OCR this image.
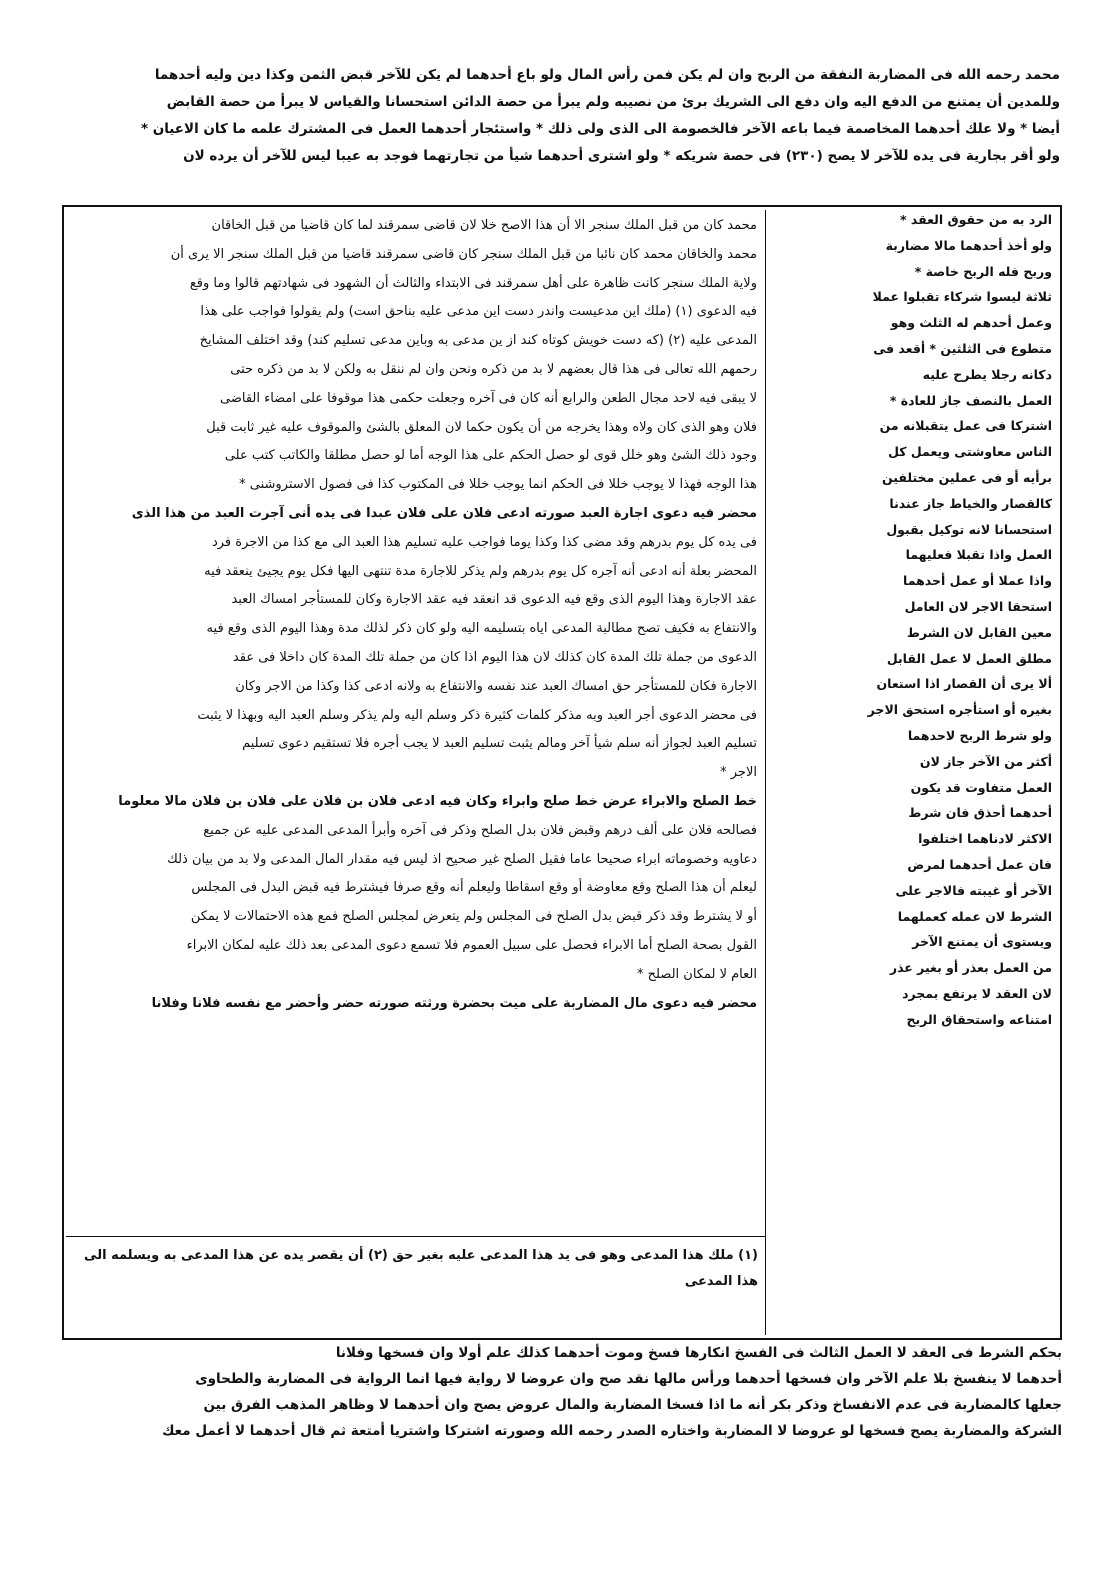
محمد رحمه الله فى المضاربة النفقة من الربح وان لم يكن فمن رأس المال ولو باع أحدهما لم يكن للآخر قبض الثمن وكذا دين وليه أحدهما
وللمدين أن يمتنع من الدفع اليه وان دفع الى الشريك برئ من نصيبه ولم يبرأ من حصة الدائن استحسانا والقياس لا يبرأ من حصة القابض
أيضا * ولا علك أحدهما المخاصمة فيما باعه الآخر فالخصومة الى الذى ولى ذلك * واستئجار أحدهما العمل فى المشترك علمه ما كان الاعيان *
ولو أقر بجارية فى يده للآخر لا يصح (٢٣٠) فى حصة شريكه * ولو اشترى أحدهما شيأ من تجارتهما فوجد به عيبا ليس للآخر أن يرده لان
محمد كان من قبل الملك سنجر الا أن هذا الاصح خلا لان قاضى سمرقند لما كان قاضيا من قبل الخاقان
محمد والخاقان محمد كان نائبا من قبل الملك سنجر كان قاضى سمرقند قاضيا من قبل الملك سنجر الا يرى أن
ولاية الملك سنجر كانت ظاهرة على أهل سمرقند فى الابتداء والثالث أن الشهود فى شهادتهم قالوا وما وقع
فيه الدعوى (١) (ملك اين مدعيست واندر دست اين مدعى عليه بناحق است) ولم يقولوا فواجب على هذا
المدعى عليه (٢) (كه دست خويش كوتاه كند از ين مدعى به وباين مدعى تسليم كند) وقد اختلف المشايخ
رحمهم الله تعالى فى هذا قال بعضهم لا بد من ذكره ونحن وان لم ننقل به ولكن لا بد من ذكره حتى
لا يبقى فيه لاحد مجال الطعن والرابع أنه كان فى آخره وجعلت حكمى هذا موقوفا على امضاء القاضى
فلان وهو الذى كان ولاه وهذا يخرجه من أن يكون حكما لان المعلق بالشئ والموقوف عليه غير ثابت قبل
وجود ذلك الشئ وهو خلل قوى لو حصل الحكم على هذا الوجه أما لو حصل مطلقا والكاتب كتب على
هذا الوجه فهذا لا يوجب خللا فى الحكم انما يوجب خللا فى المكتوب كذا فى فصول الاستروشنى *
محضر فيه دعوى اجارة العبد صورته ادعى فلان على فلان عبدا فى يده أنى آجرت العبد من هذا الذى
فى يده كل يوم بدرهم وقد مضى كذا وكذا يوما فواجب عليه تسليم هذا العبد الى مع كذا من الاجرة فرد
المحضر بعلة أنه ادعى أنه آجره كل يوم بدرهم ولم يذكر للاجارة مدة تنتهى اليها فكل يوم يجيئ ينعقد فيه
عقد الاجارة وهذا اليوم الذى وقع فيه الدعوى قد انعقد فيه عقد الاجارة وكان للمستأجر امساك العبد
والانتفاع به فكيف تصح مطالبة المدعى اياه بتسليمه اليه ولو كان ذكر لذلك مدة وهذا اليوم الذى وقع فيه
الدعوى من جملة تلك المدة كان كذلك لان هذا اليوم اذا كان من جملة تلك المدة كان داخلا فى عقد
الاجارة فكان للمستأجر حق امساك العبد عند نفسه والانتفاع به ولانه ادعى كذا وكذا من الاجر وكان
فى محضر الدعوى أجر العبد وبه مذكر كلمات كثيرة ذكر وسلم اليه ولم يذكر وسلم العبد اليه وبهذا لا يثبت
تسليم العبد لجواز أنه سلم شيأ آخر ومالم يثبت تسليم العبد لا يجب أجره فلا تستقيم دعوى تسليم
الاجر *
خط الصلح والابراء عرض خط صلح وابراء وكان فيه ادعى فلان بن فلان على فلان بن فلان مالا معلوما
فصالحه فلان على ألف درهم وقبض فلان بدل الصلح وذكر فى آخره وأبرأ المدعى المدعى عليه عن جميع
دعاويه وخصوماته ابراء صحيحا عاما فقيل الصلح غير صحيح اذ ليس فيه مقدار المال المدعى ولا بد من بيان ذلك
ليعلم أن هذا الصلح وقع معاوضة أو وقع اسقاطا وليعلم أنه وقع صرفا فيشترط فيه قبض البدل فى المجلس
أو لا يشترط وقد ذكر قبض بدل الصلح فى المجلس ولم يتعرض لمجلس الصلح فمع هذه الاحتمالات لا يمكن
القول بصحة الصلح أما الابراء فحصل على سبيل العموم فلا تسمع دعوى المدعى بعد ذلك عليه لمكان الابراء
العام لا لمكان الصلح *
محضر فيه دعوى مال المضاربة على ميت بحضرة ورثته صورته حضر وأحضر مع نفسه فلانا وفلانا
(١) ملك هذا المدعى وهو فى يد هذا المدعى عليه بغير حق (٢) أن يقصر يده عن هذا المدعى به ويسلمه الى
هذا المدعى
الرد به من حقوق العقد *
ولو أخذ أحدهما مالا مضاربة
وربح فله الربح خاصة *
ثلاثة ليسوا شركاء تقبلوا عملا
وعمل أحدهم له الثلث وهو
متطوع فى الثلثين * أقعد فى
دكانه رجلا يطرح عليه
العمل بالنصف جاز للعادة *
اشتركا فى عمل يتقبلانه من
الناس معاوشتى ويعمل كل
برأيه أو فى عملين مختلفين
كالقصار والخياط جاز عندنا
استحسانا لانه توكيل بقبول
العمل واذا تقبلا فعليهما
واذا عملا أو عمل أحدهما
استحقا الاجر لان العامل
معين القابل لان الشرط
مطلق العمل لا عمل القابل
ألا يرى أن القصار اذا استعان
بغيره أو استأجره استحق الاجر
ولو شرط الربح لاحدهما
أكثر من الآخر جاز لان
العمل متفاوت قد يكون
أحدهما أحذق فان شرط
الاكثر لادناهما اختلفوا
فان عمل أحدهما لمرض
الآخر أو غيبته فالاجر على
الشرط لان عمله كعملهما
ويستوى أن يمتنع الآخر
من العمل بعذر أو بغير عذر
لان العقد لا يرتفع بمجرد
امتناعه واستحقاق الربح
بحكم الشرط فى العقد لا العمل الثالث فى الفسخ انكارها فسخ وموت أحدهما كذلك علم أولا وان فسخها وفلانا
أحدهما لا ينفسخ بلا علم الآخر وان فسخها أحدهما ورأس مالها نقد صح وان عروضا لا رواية فيها انما الرواية فى المضاربة والطحاوى
جعلها كالمضاربة فى عدم الانفساخ وذكر بكر أنه ما اذا فسخا المضاربة والمال عروض يصح وان أحدهما لا وظاهر المذهب الفرق بين
الشركة والمضاربة يصح فسخها لو عروضا لا المضاربة واختاره الصدر رحمه الله وصورته اشتركا واشتريا أمتعة ثم قال أحدهما لا أعمل معك
